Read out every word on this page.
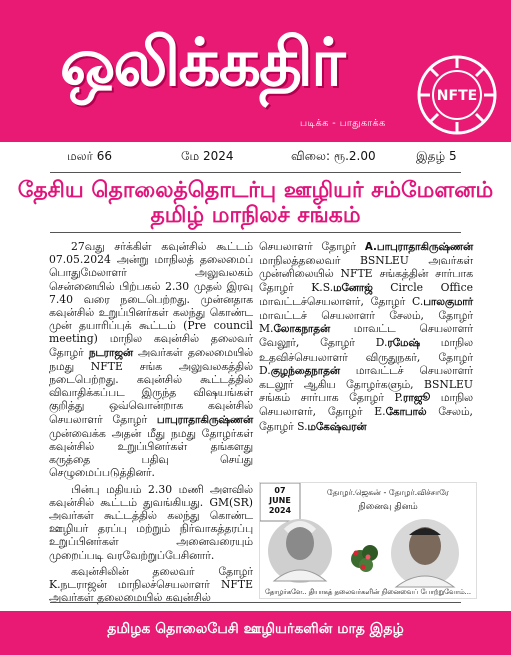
ஒலிக்கதிர்
படிக்க - பாதுகாக்க
NFTE
மலர் 66	மே 2024	விலை: ரூ.2.00	இதழ் 5
தேசிய தொலைத்தொடர்பு ஊழியர் சம்மேளனம்
தமிழ் மாநிலச் சங்கம்

27வது சர்க்கிள் கவுன்சில் கூட்டம் 07.05.2024 அன்று மாநிலத் தலைமைப் பொதுமேலாளர் அலுவலகம் சென்னையில் பிற்பகல் 2.30 முதல் இரவு 7.40 வரை நடைபெற்றது. முன்னதாக கவுன்சில் உறுப்பினர்கள் கலந்து கொண்ட முன் தயாரிப்புக் கூட்டம் (Pre council meeting) மாநில கவுன்சில் தலைவர் தோழர் நடராஜன் அவர்கள் தலைமையில் நமது NFTE சங்க அலுவலகத்தில் நடைபெற்றது. கவுன்சில் கூட்டத்தில் விவாதிக்கப்பட இருந்த விஷயங்கள் குறித்து ஒவ்வொன்றாக கவுன்சில் செயலாளர் தோழர் பாபுராதாகிருஷ்ணன் முன்வைக்க அதன் மீது நமது தோழர்கள் கவுன்சில் உறுப்பினர்கள் தங்களது கருத்தை பதிவு செய்து செழுமைப்படுத்தினர்.

பின்பு மதியம் 2.30 மணி அளவில் கவுன்சில் கூட்டம் துவங்கியது. GM(SR) அவர்கள் கூட்டத்தில் கலந்து கொண்ட ஊழியர் தரப்பு மற்றும் நிர்வாகத்தரப்பு உறுப்பினர்கள் அனைவரையும் முறைப்படி வரவேற்றுப்பேசினார்.

கவுன்சிலின் தலைவர் தோழர் K.நடராஜன் மாநிலச்செயலாளர் NFTE அவர்கள் தலைமையில் கவுன்சில்

செயலாளர் தோழர் A.பாபுராதாகிருஷ்ணன் மாநிலத்தலைவர் BSNLEU அவர்கள் முன்னிலையில் NFTE சங்கத்தின் சார்பாக தோழர் K.S.மனோஜ் Circle Office மாவட்டச்செயலாளர், தோழர் C.பாலகுமார் மாவட்டச் செயலாளர் சேலம், தோழர் M.லோகநாதன் மாவட்ட செயலாளர் வேலூர், தோழர் D.ரமேஷ் மாநில உதவிச்செயலாளர் விருதுநகர், தோழர் D.குழந்தைநாதன் மாவட்டச் செயலாளர் கடலூர் ஆகிய தோழர்களும், BSNLEU சங்கம் சார்பாக தோழர் P.ராஜூ மாநில செயலாளர், தோழர் E.கோபால் சேலம், தோழர் S.மகேஷ்வரன்

07
JUNE
2024
தோழர்.ஜெகன் - தோழர்.விச்சாரே
நினைவு தினம்
தோழர்களே.. தியாகத் தலைவர்களின் நினைவைப் போற்றுவோம்...
தமிழக தொலைபேசி ஊழியர்களின் மாத இதழ்
